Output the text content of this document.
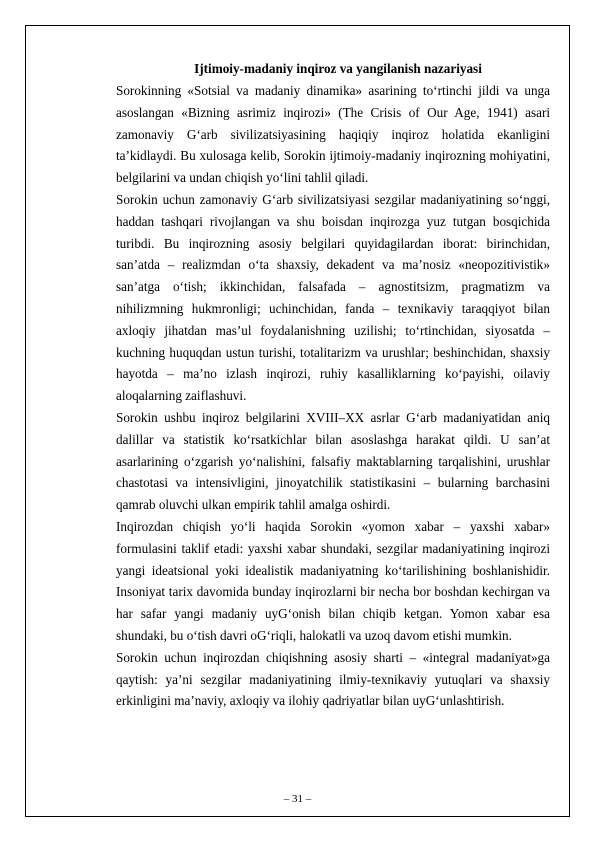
Ijtimoiy-madaniy inqiroz va yangilanish nazariyasi

Sorokinning «Sotsial va madaniy dinamika» asarining to‘rtinchi jildi va unga asoslangan «Bizning asrimiz inqirozi» (The Crisis of Our Age, 1941) asari zamonaviy G‘arb sivilizatsiyasining haqiqiy inqiroz holatida ekanligini ta’kidlaydi. Bu xulosaga kelib, Sorokin ijtimoiy-madaniy inqirozning mohiyatini, belgilarini va undan chiqish yo‘lini tahlil qiladi.

Sorokin uchun zamonaviy G‘arb sivilizatsiyasi sezgilar madaniyatining so‘nggi, haddan tashqari rivojlangan va shu boisdan inqirozga yuz tutgan bosqichida turibdi. Bu inqirozning asosiy belgilari quyidagilardan iborat: birinchidan, san’atda – realizmdan o‘ta shaxsiy, dekadent va ma’nosiz «neopozitivistik» san’atga o‘tish; ikkinchidan, falsafada – agnostitsizm, pragmatizm va nihilizmning hukmronligi; uchinchidan, fanda – texnikaviy taraqqiyot bilan axloqiy jihatdan mas’ul foydalanishning uzilishi; to‘rtinchidan, siyosatda – kuchning huquqdan ustun turishi, totalitarizm va urushlar; beshinchidan, shaxsiy hayotda – ma’no izlash inqirozi, ruhiy kasalliklarning ko‘payishi, oilaviy aloqalarning zaiflashuvi.

Sorokin ushbu inqiroz belgilarini XVIII–XX asrlar G‘arb madaniyatidan aniq dalillar va statistik ko‘rsatkichlar bilan asoslashga harakat qildi. U san’at asarlarining o‘zgarish yo‘nalishini, falsafiy maktablarning tarqalishini, urushlar chastotasi va intensivligini, jinoyatchilik statistikasini – bularning barchasini qamrab oluvchi ulkan empirik tahlil amalga oshirdi.

Inqirozdan chiqish yo‘li haqida Sorokin «yomon xabar – yaxshi xabar» formulasini taklif etadi: yaxshi xabar shundaki, sezgilar madaniyatining inqirozi yangi ideatsional yoki idealistik madaniyatning ko‘tarilishining boshlanishidir. Insoniyat tarix davomida bunday inqirozlarni bir necha bor boshdan kechirgan va har safar yangi madaniy uyG‘onish bilan chiqib ketgan. Yomon xabar esa shundaki, bu o‘tish davri oG‘riqli, halokatli va uzoq davom etishi mumkin.

Sorokin uchun inqirozdan chiqishning asosiy sharti – «integral madaniyat»ga qaytish: ya’ni sezgilar madaniyatining ilmiy-texnikaviy yutuqlari va shaxsiy erkinligini ma’naviy, axloqiy va ilohiy qadriyatlar bilan uyG‘unlashtirish.

– 31 –
